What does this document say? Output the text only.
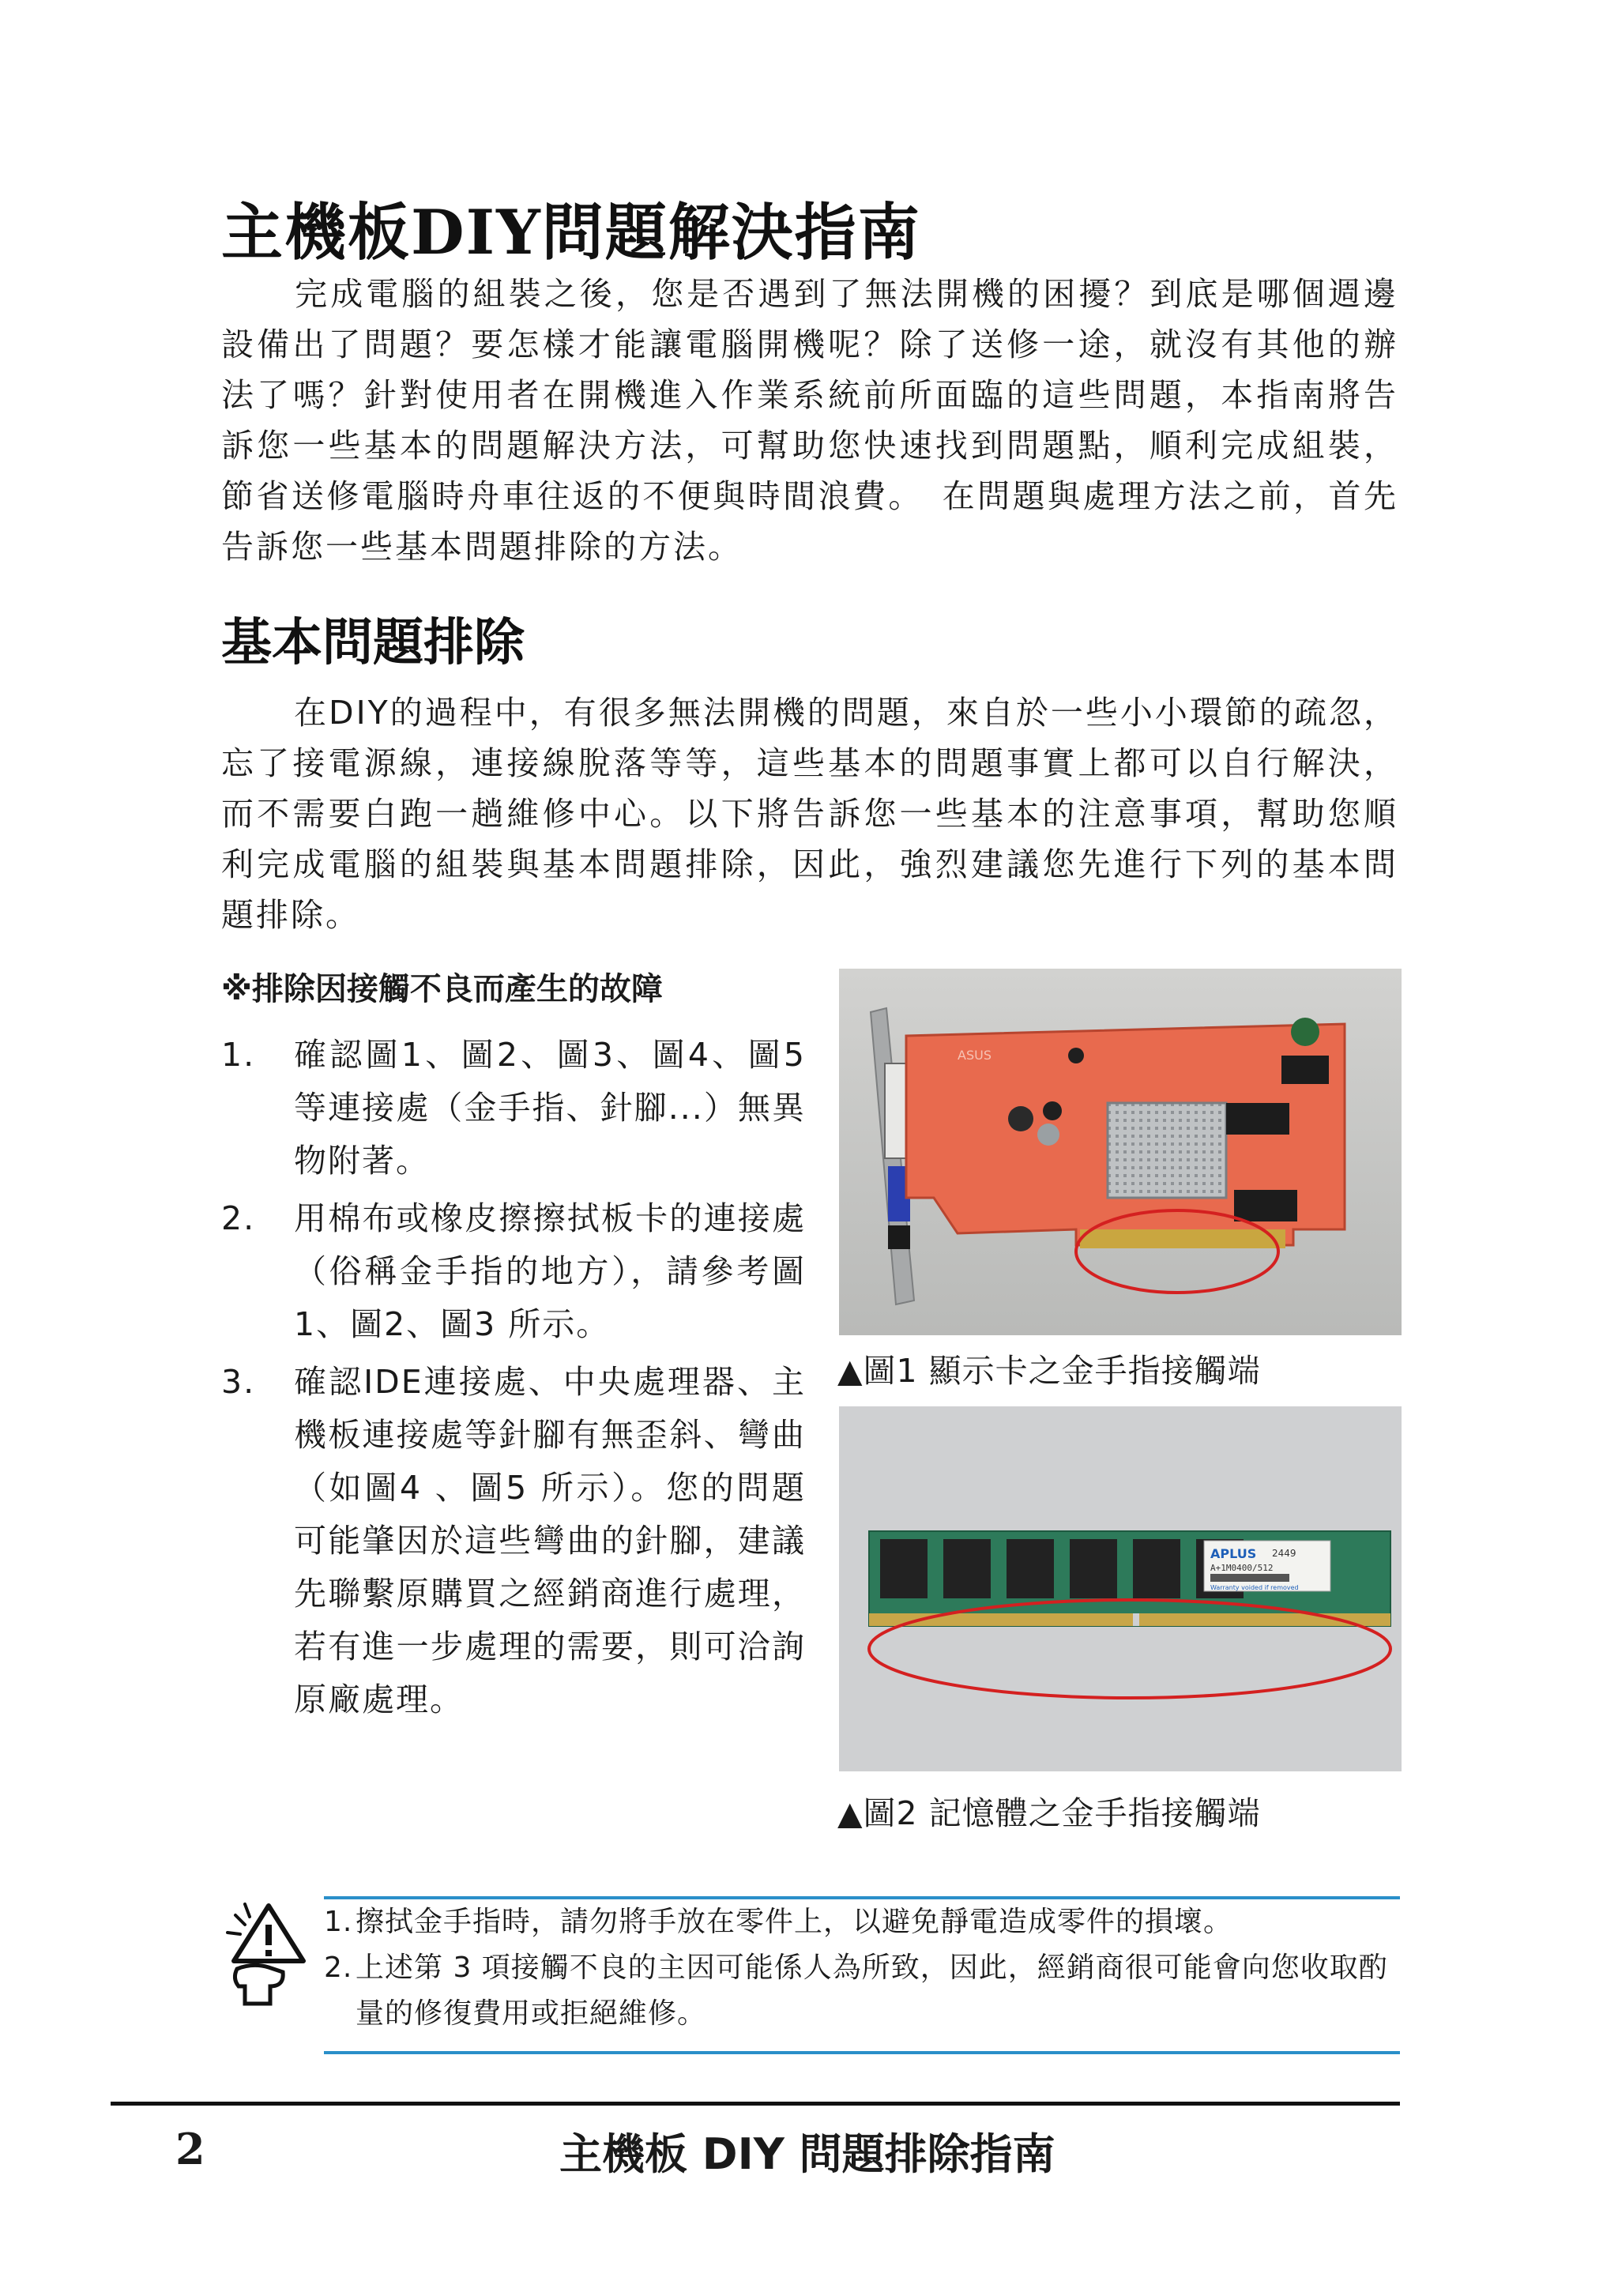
主機板DIY問題解決指南

完成電腦的組裝之後，您是否遇到了無法開機的困擾？到底是哪個週邊設備出了問題？要怎樣才能讓電腦開機呢？除了送修一途，就沒有其他的辦法了嗎？針對使用者在開機進入作業系統前所面臨的這些問題，本指南將告訴您一些基本的問題解決方法，可幫助您快速找到問題點，順利完成組裝，節省送修電腦時舟車往返的不便與時間浪費。　在問題與處理方法之前，首先告訴您一些基本問題排除的方法。

基本問題排除

在DIY的過程中，有很多無法開機的問題，來自於一些小小環節的疏忽，忘了接電源線，連接線脫落等等，這些基本的問題事實上都可以自行解決，而不需要白跑一趟維修中心。以下將告訴您一些基本的注意事項，幫助您順利完成電腦的組裝與基本問題排除，因此，強烈建議您先進行下列的基本問題排除。

※排除因接觸不良而產生的故障
1.	確認圖1、圖2、圖3、圖4、圖5等連接處（金手指、針腳...）無異物附著。
2.	用棉布或橡皮擦擦拭板卡的連接處（俗稱金手指的地方），請參考圖1、圖2、圖3 所示。
3.	確認IDE連接處、中央處理器、主機板連接處等針腳有無歪斜、彎曲（如圖4 、圖5 所示）。您的問題可能肇因於這些彎曲的針腳，建議先聯繫原購買之經銷商進行處理，若有進一步處理的需要，則可洽詢原廠處理。
ASUS
▲圖1 顯示卡之金手指接觸端
APLUS 2449
A+1M0400/512
Warranty voided if removed
▲圖2 記憶體之金手指接觸端
1. 擦拭金手指時，請勿將手放在零件上，以避免靜電造成零件的損壞。
2. 上述第 3 項接觸不良的主因可能係人為所致，因此，經銷商很可能會向您收取酌量的修復費用或拒絕維修。
2	主機板 DIY 問題排除指南
